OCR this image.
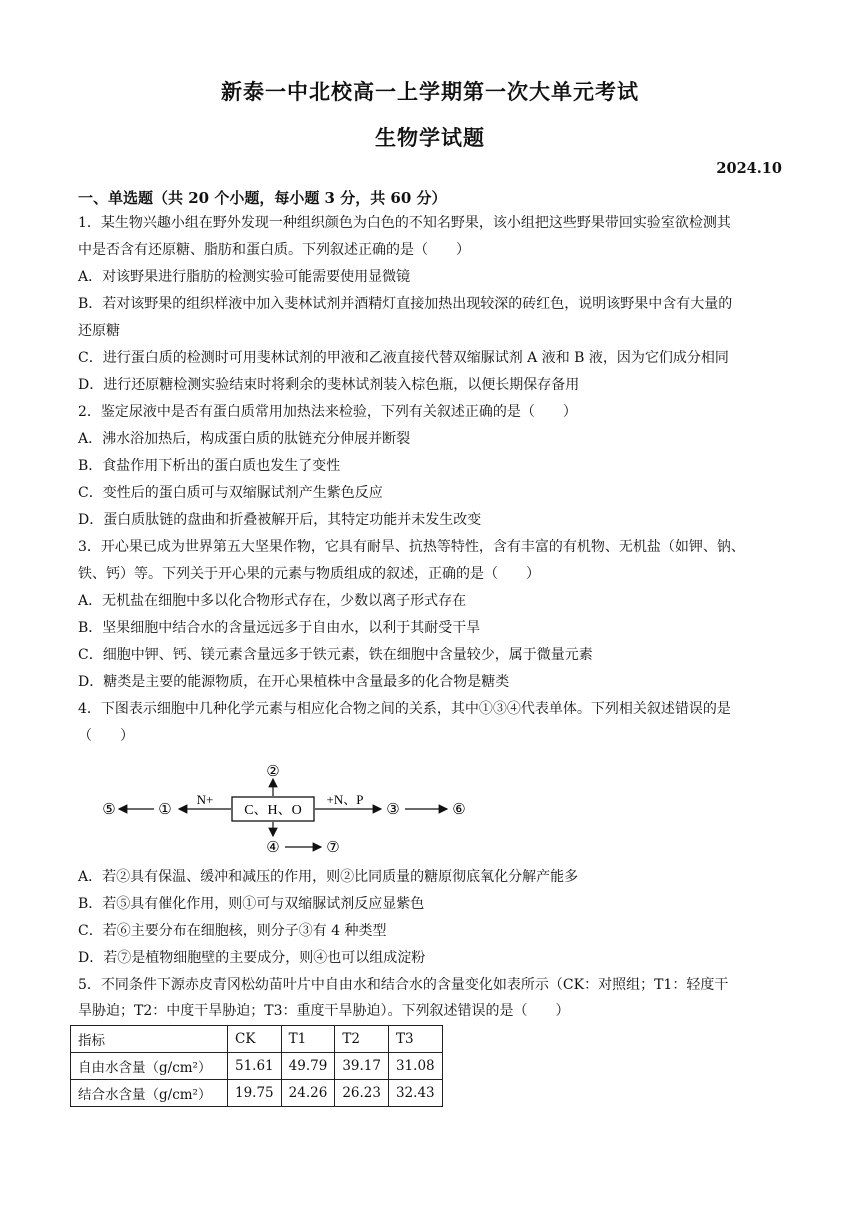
新泰一中北校高一上学期第一次大单元考试
生物学试题
2024.10
一、单选题（共 20 个小题，每小题 3 分，共 60 分）
1．某生物兴趣小组在野外发现一种组织颜色为白色的不知名野果，该小组把这些野果带回实验室欲检测其
中是否含有还原糖、脂肪和蛋白质。下列叙述正确的是（　　）
A．对该野果进行脂肪的检测实验可能需要使用显微镜
B．若对该野果的组织样液中加入斐林试剂并酒精灯直接加热出现较深的砖红色，说明该野果中含有大量的
还原糖
C．进行蛋白质的检测时可用斐林试剂的甲液和乙液直接代替双缩脲试剂 A 液和 B 液，因为它们成分相同
D．进行还原糖检测实验结束时将剩余的斐林试剂装入棕色瓶，以便长期保存备用
2．鉴定尿液中是否有蛋白质常用加热法来检验，下列有关叙述正确的是（　　）
A．沸水浴加热后，构成蛋白质的肽链充分伸展并断裂
B．食盐作用下析出的蛋白质也发生了变性
C．变性后的蛋白质可与双缩脲试剂产生紫色反应
D．蛋白质肽链的盘曲和折叠被解开后，其特定功能并未发生改变
3．开心果已成为世界第五大坚果作物，它具有耐旱、抗热等特性，含有丰富的有机物、无机盐（如钾、钠、
铁、钙）等。下列关于开心果的元素与物质组成的叙述，正确的是（　　）
A．无机盐在细胞中多以化合物形式存在，少数以离子形式存在
B．坚果细胞中结合水的含量远远多于自由水，以利于其耐受干旱
C．细胞中钾、钙、镁元素含量远多于铁元素，铁在细胞中含量较少，属于微量元素
D．糖类是主要的能源物质，在开心果植株中含量最多的化合物是糖类
4．下图表示细胞中几种化学元素与相应化合物之间的关系，其中①③④代表单体。下列相关叙述错误的是
（　　）
C、H、O
N+
①
⑤
②
+N、P
③	⑥
④	⑦
A．若②具有保温、缓冲和减压的作用，则②比同质量的糖原彻底氧化分解产能多
B．若⑤具有催化作用，则①可与双缩脲试剂反应显紫色
C．若⑥主要分布在细胞核，则分子③有 4 种类型
D．若⑦是植物细胞壁的主要成分，则④也可以组成淀粉
5．不同条件下源赤皮青冈松幼苗叶片中自由水和结合水的含量变化如表所示（CK：对照组；T1：轻度干
旱胁迫；T2：中度干旱胁迫；T3：重度干旱胁迫）。下列叙述错误的是（　　）
指标	CK	T1	T2	T3
自由水含量（g/cm²）	51.61	49.79	39.17	31.08
结合水含量（g/cm²）	19.75	24.26	26.23	32.43
